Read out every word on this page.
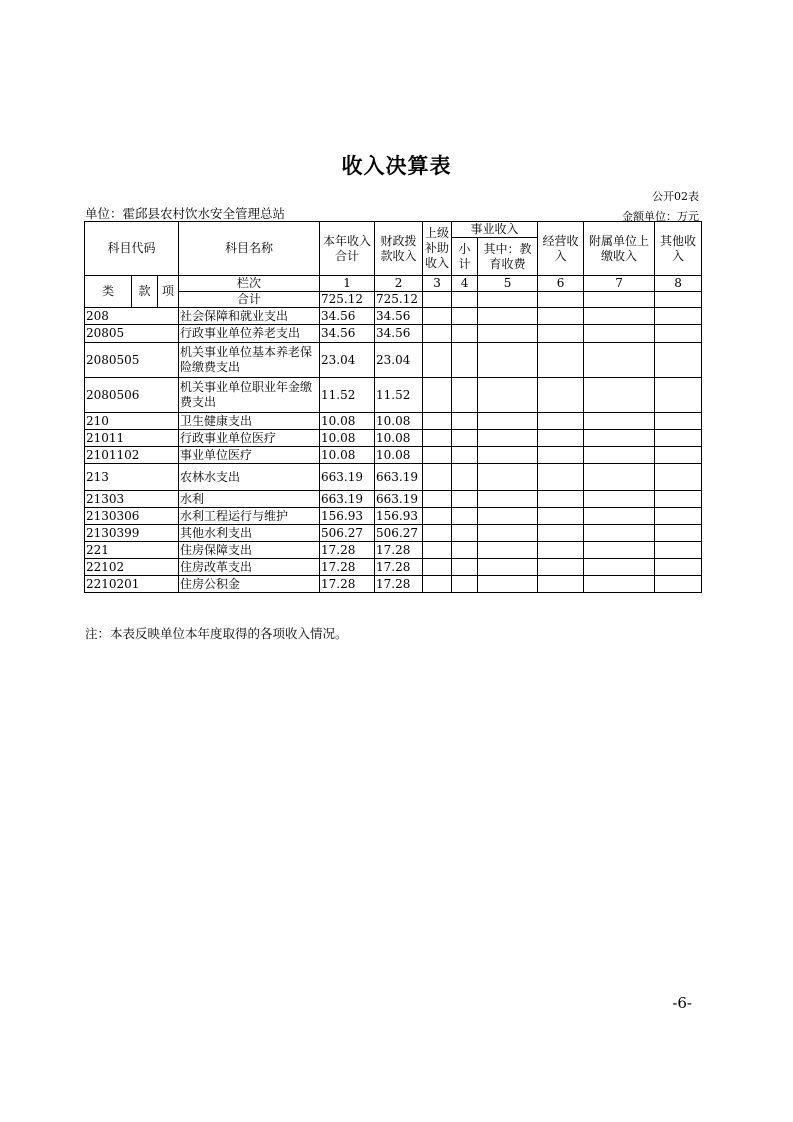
收入决算表
公开02表
单位：霍邱县农村饮水安全管理总站	金额单位：万元
科目代码			科目名称	本年收入合计	财政拨款收入	上级补助收入	事业收入		经营收入	附属单位上缴收入	其他收入
							小计	其中：教育收费			

类	款	项	栏次	1	2	3	4	5	6	7	8
			合计	725.12	725.12						
208			社会保障和就业支出	34.56	34.56						
20805			行政事业单位养老支出	34.56	34.56						
2080505			机关事业单位基本养老保险缴费支出	23.04	23.04						
2080506			机关事业单位职业年金缴费支出	11.52	11.52						
210			卫生健康支出	10.08	10.08						
21011			行政事业单位医疗	10.08	10.08						
2101102			事业单位医疗	10.08	10.08						
213			农林水支出	663.19	663.19						
21303			水利	663.19	663.19						
2130306			水利工程运行与维护	156.93	156.93						
2130399			其他水利支出	506.27	506.27						
221			住房保障支出	17.28	17.28						
22102			住房改革支出	17.28	17.28						
2210201			住房公积金	17.28	17.28						
注：本表反映单位本年度取得的各项收入情况。
-6-
